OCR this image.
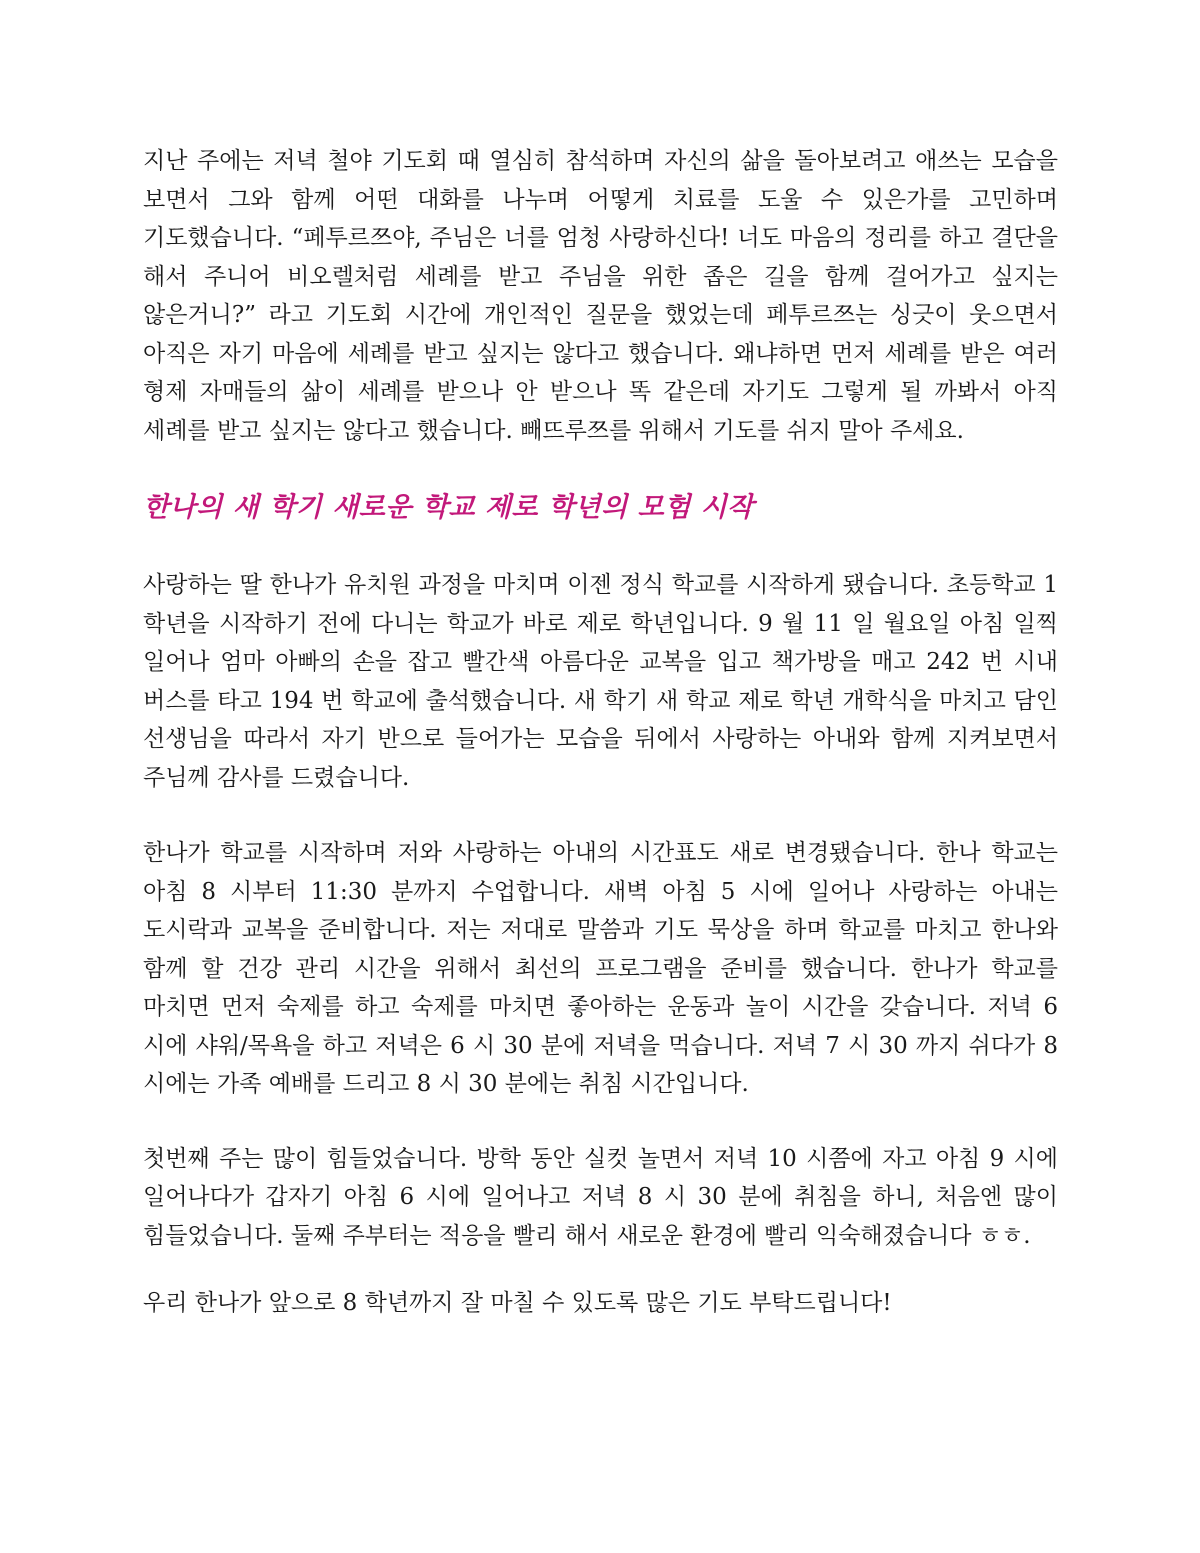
지난 주에는 저녁 철야 기도회 때 열심히 참석하며 자신의 삶을 돌아보려고 애쓰는 모습을 보면서 그와 함께 어떤 대화를 나누며 어떻게 치료를 도울 수 있은가를 고민하며 기도했습니다. “페투르쯔야, 주님은 너를 엄청 사랑하신다! 너도 마음의 정리를 하고 결단을 해서 주니어 비오렐처럼 세례를 받고 주님을 위한 좁은 길을 함께 걸어가고 싶지는 않은거니?” 라고 기도회 시간에 개인적인 질문을 했었는데 페투르쯔는 싱긋이 웃으면서 아직은 자기 마음에 세례를 받고 싶지는 않다고 했습니다. 왜냐하면 먼저 세례를 받은 여러 형제 자매들의 삶이 세례를 받으나 안 받으나 똑 같은데 자기도 그렇게 될 까봐서 아직 세례를 받고 싶지는 않다고 했습니다. 빼뜨루쯔를 위해서 기도를 쉬지 말아 주세요.

한나의 새 학기 새로운 학교 제로 학년의 모험 시작

사랑하는 딸 한나가 유치원 과정을 마치며 이젠 정식 학교를 시작하게 됐습니다. 초등학교 1 학년을 시작하기 전에 다니는 학교가 바로 제로 학년입니다. 9 월 11 일 월요일 아침 일찍 일어나 엄마 아빠의 손을 잡고 빨간색 아름다운 교복을 입고 책가방을 매고 242 번 시내 버스를 타고 194 번 학교에 출석했습니다. 새 학기 새 학교 제로 학년 개학식을 마치고 담인 선생님을 따라서 자기 반으로 들어가는 모습을 뒤에서 사랑하는 아내와 함께 지켜보면서 주님께 감사를 드렸습니다.

한나가 학교를 시작하며 저와 사랑하는 아내의 시간표도 새로 변경됐습니다. 한나 학교는 아침 8 시부터 11:30 분까지 수업합니다. 새벽 아침 5 시에 일어나 사랑하는 아내는 도시락과 교복을 준비합니다. 저는 저대로 말씀과 기도 묵상을 하며 학교를 마치고 한나와 함께 할 건강 관리 시간을 위해서 최선의 프로그램을 준비를 했습니다. 한나가 학교를 마치면 먼저 숙제를 하고 숙제를 마치면 좋아하는 운동과 놀이 시간을 갖습니다. 저녁 6 시에 샤워/목욕을 하고 저녁은 6 시 30 분에 저녁을 먹습니다. 저녁 7 시 30 까지 쉬다가 8 시에는 가족 예배를 드리고 8 시 30 분에는 취침 시간입니다.

첫번째 주는 많이 힘들었습니다. 방학 동안 실컷 놀면서 저녁 10 시쯤에 자고 아침 9 시에 일어나다가 갑자기 아침 6 시에 일어나고 저녁 8 시 30 분에 취침을 하니, 처음엔 많이 힘들었습니다. 둘째 주부터는 적응을 빨리 해서 새로운 환경에 빨리 익숙해졌습니다 ㅎㅎ.

우리 한나가 앞으로 8 학년까지 잘 마칠 수 있도록 많은 기도 부탁드립니다!
